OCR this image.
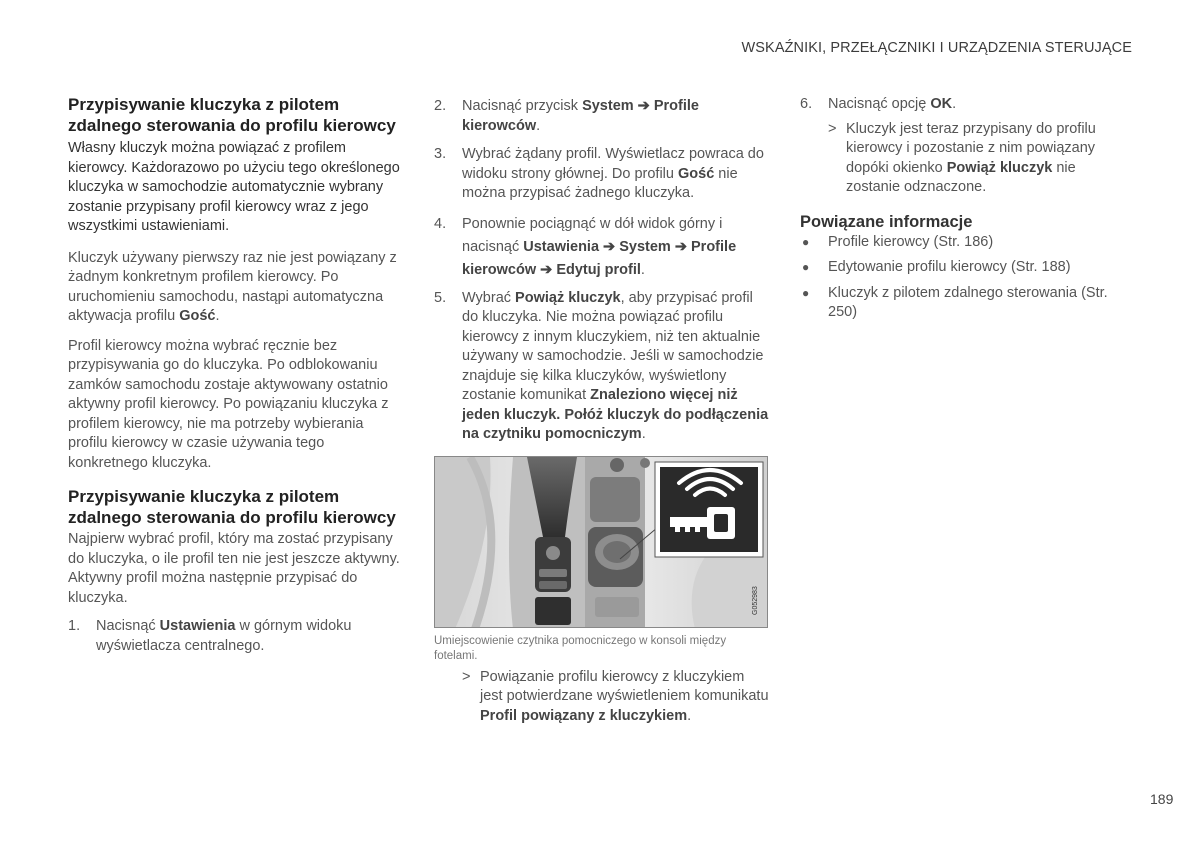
WSKAŹNIKI, PRZEŁĄCZNIKI I URZĄDZENIA STERUJĄCE
Przypisywanie kluczyka z pilotem zdalnego sterowania do profilu kierowcy

Własny kluczyk można powiązać z profilem kierowcy. Każdorazowo po użyciu tego określonego kluczyka w samochodzie automatycznie wybrany zostanie przypisany profil kierowcy wraz z jego wszystkimi ustawieniami.

Kluczyk używany pierwszy raz nie jest powiązany z żadnym konkretnym profilem kierowcy. Po uruchomieniu samochodu, nastąpi automatyczna aktywacja profilu Gość.

Profil kierowcy można wybrać ręcznie bez przypisywania go do kluczyka. Po odblokowaniu zamków samochodu zostaje aktywowany ostatnio aktywny profil kierowcy. Po powiązaniu kluczyka z profilem kierowcy, nie ma potrzeby wybierania profilu kierowcy w czasie używania tego konkretnego kluczyka.

Przypisywanie kluczyka z pilotem zdalnego sterowania do profilu kierowcy

Najpierw wybrać profil, który ma zostać przypisany do kluczyka, o ile profil ten nie jest jeszcze aktywny. Aktywny profil można następnie przypisać do kluczyka.

1. Nacisnąć Ustawienia w górnym widoku wyświetlacza centralnego.
2. Nacisnąć przycisk System ➔ Profile kierowców.
3. Wybrać żądany profil. Wyświetlacz powraca do widoku strony głównej. Do profilu Gość nie można przypisać żadnego kluczyka.
4. Ponownie pociągnąć w dół widok górny i nacisnąć Ustawienia ➔ System ➔ Profile kierowców ➔ Edytuj profil.
5. Wybrać Powiąż kluczyk, aby przypisać profil do kluczyka. Nie można powiązać profilu kierowcy z innym kluczykiem, niż ten aktualnie używany w samochodzie. Jeśli w samochodzie znajduje się kilka kluczyków, wyświetlony zostanie komunikat Znaleziono więcej niż jeden kluczyk. Połóż kluczyk do podłączenia na czytniku pomocniczym.
G052983

Umiejscowienie czytnika pomocniczego w konsoli między fotelami.

> Powiązanie profilu kierowcy z kluczykiem jest potwierdzane wyświetleniem komunikatu Profil powiązany z kluczykiem.

6. Nacisnąć opcję OK.

> Kluczyk jest teraz przypisany do profilu kierowcy i pozostanie z nim powiązany dopóki okienko Powiąż kluczyk nie zostanie odznaczone.

Powiązane informacje
● Profile kierowcy (Str. 186)
● Edytowanie profilu kierowcy (Str. 188)
● Kluczyk z pilotem zdalnego sterowania (Str. 250)
189
